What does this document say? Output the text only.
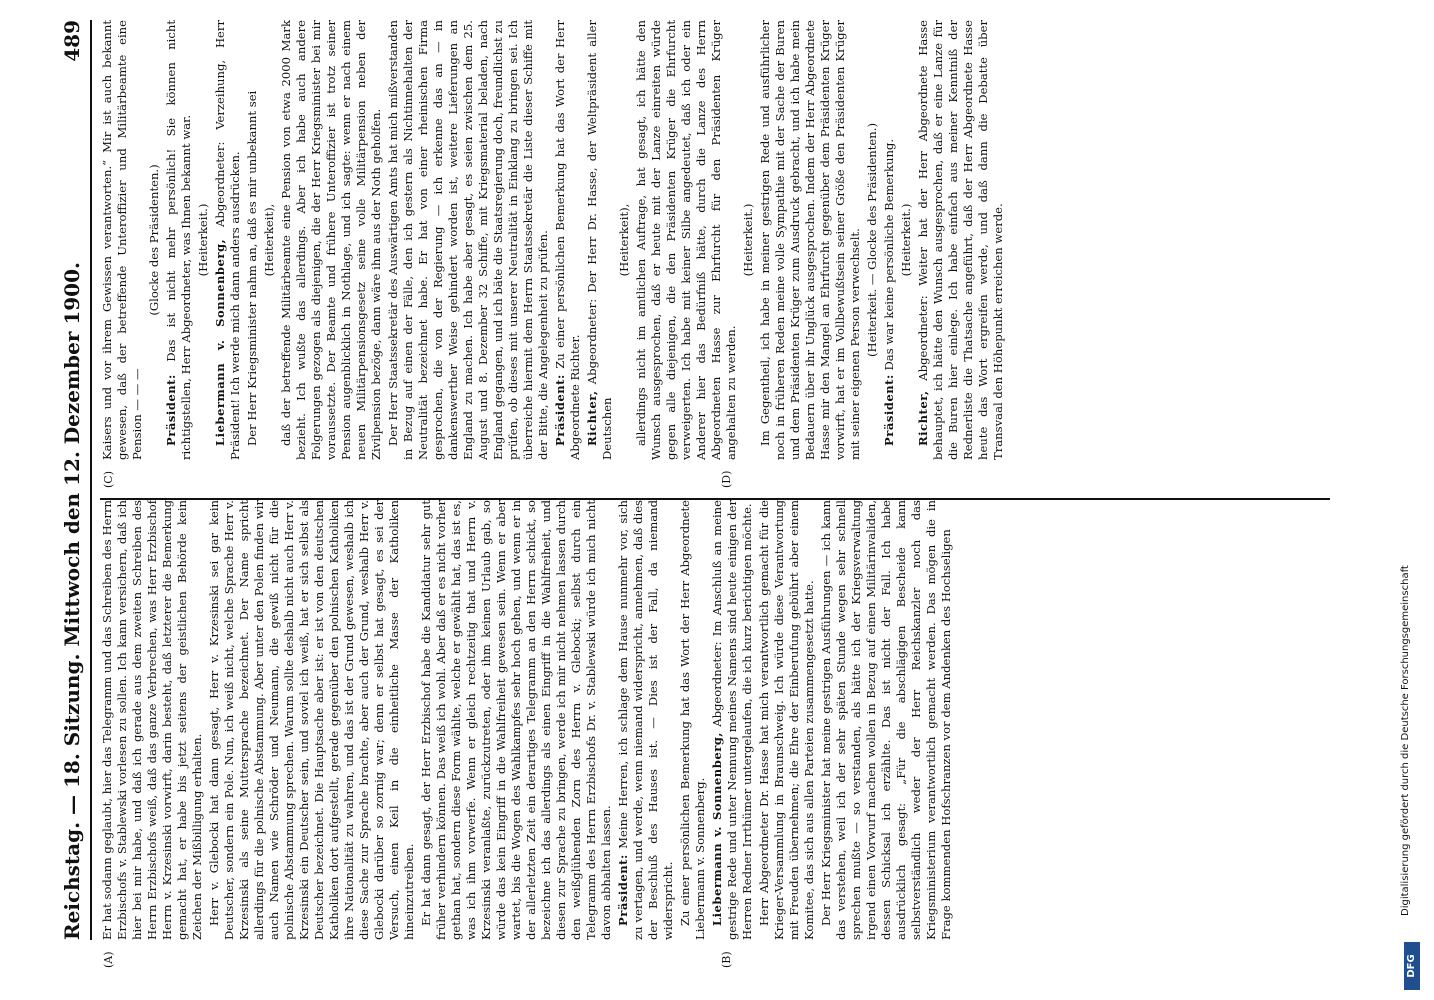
Reichstag. — 18. Sitzung. Mittwoch den 12. Dezember 1900.
489
(A)	(B)
(C)	(D)

Er hat sodann geglaubt, hier das Telegramm und das Schreiben des Herrn Erzbischofs v. Stablewski vorlesen zu sollen. Ich kann versichern, daß ich hier bei mir habe, und daß ich gerade aus dem zweiten Schreiben des Herrn Erzbischofs weiß, daß das ganze Verbrechen, was Herr Erzbischof Herrn v. Krzesinski vorwirft, darin besteht, daß letzterer die Bemerkung gemacht hat, er habe bis jetzt seitens der geistlichen Behörde kein Zeichen der Mißbilligung erhalten. Herr v. Glebocki hat dann gesagt, Herr v. Krzesinski sei gar kein Deutscher, sondern ein Pole. Nun, ich weiß nicht, welche Sprache Herr v. Krzesinski als seine Muttersprache bezeichnet. Der Name spricht allerdings für die polnische Abstammung. Aber unter den Polen finden wir auch Namen wie Schröder und Neumann, die gewiß nicht für die polnische Abstammung sprechen. Warum sollte deshalb nicht auch Herr v. Krzesinski ein Deutscher sein, und soviel ich weiß, hat er sich selbst als Deutscher bezeichnet. Die Hauptsache aber ist: er ist von den deutschen Katholiken dort aufgestellt, gerade gegenüber den polnischen Katholiken ihre Nationalität zu wahren, und das ist der Grund gewesen, weshalb ich diese Sache zur Sprache brachte, aber auch der Grund, weshalb Herr v. Glebocki darüber so zornig war; denn er selbst hat gesagt, es sei der Versuch, einen Keil in die einheitliche Masse der Katholiken hineinzutreiben. Er hat dann gesagt, der Herr Erzbischof habe die Kandidatur sehr gut früher verhindern können. Das weiß ich wohl. Aber daß er es nicht vorher gethan hat, sondern diese Form wählte, welche er gewählt hat, das ist es, was ich ihm vorwerfe. Wenn er gleich rechtzeitig that und Herrn v. Krzesinski veranlaßte, zurückzutreten, oder ihm keinen Urlaub gab, so würde das kein Eingriff in die Wahlfreiheit gewesen sein. Wenn er aber wartet, bis die Wogen des Wahlkampfes sehr hoch gehen, und wenn er in der allerletzten Zeit ein derartiges Telegramm an den Herrn schickt, so bezeichne ich das allerdings als einen Eingriff in die Wahlfreiheit, und diesen zur Sprache zu bringen, werde ich mir nicht nehmen lassen durch den weißglühenden Zorn des Herrn v. Glebocki; selbst durch ein Telegramm des Herrn Erzbischofs Dr. v. Stablewski würde ich mich nicht davon abhalten lassen. Präsident: Meine Herren, ich schlage dem Hause nunmehr vor, sich zu vertagen, und werde, wenn niemand widerspricht, annehmen, daß dies der Beschluß des Hauses ist. — Dies ist der Fall, da niemand widerspricht. Zu einer persönlichen Bemerkung hat das Wort der Herr Abgeordnete Liebermann v. Sonnenberg. Liebermann v. Sonnenberg, Abgeordneter: Im Anschluß an meine gestrige Rede und unter Nennung meines Namens sind heute einigen der Herren Redner Irrthümer untergelaufen, die ich kurz berichtigen möchte. Herr Abgeordneter Dr. Hasse hat mich verantwortlich gemacht für die Krieger-Versammlung in Braunschweig. Ich würde diese Verantwortung mit Freuden übernehmen; die Ehre der Einberufung gebührt aber einem Komitee, das sich aus allen Parteien zusammengesetzt hatte. Der Herr Kriegsminister hat meine gestrigen Ausführungen — ich kann das verstehen, weil ich der sehr späten Stunde wegen sehr schnell sprechen mußte — so verstanden, als hätte ich der Kriegsverwaltung irgend einen Vorwurf machen wollen in Bezug auf einen Militärinvaliden, dessen Schicksal ich erzählte. Das ist nicht der Fall. Ich habe ausdrücklich gesagt: „Für die abschlägigen Bescheide kann selbstverständlich weder der Herr Reichskanzler noch das Kriegsministerium verantwortlich gemacht werden. Das mögen die in Frage kommenden Hofschranzen vor dem Andenken des Hochseligen

Kaisers und vor ihrem Gewissen verantworten.“ Mir ist auch bekannt gewesen, daß der betreffende Unteroffizier und Militärbeamte eine Pension — — —

(Glocke des Präsidenten.)

Präsident: Das ist nicht mehr persönlich! Sie können nicht richtigstellen, Herr Abgeordneter, was Ihnen bekannt war. (Heiterkeit.) Liebermann v. Sonnenberg, Abgeordneter: Verzeihung, Herr Präsident! Ich werde mich dann anders ausdrücken. Der Herr Kriegsminister nahm an, daß es mir unbekannt sei (Heiterkeit), daß der betreffende Militärbeamte eine Pension von etwa 2000 Mark bezieht. Ich wußte das allerdings. Aber ich habe auch andere Folgerungen gezogen als diejenigen, die der Herr Kriegsminister bei mir voraussetzte. Der Beamte und frühere Unteroffizier ist trotz seiner Pension augenblicklich in Nothlage, und ich sagte: wenn er nach einem neuen Militärpensionsgesetz seine volle Militärpension neben der Zivilpension bezöge, dann wäre ihm aus der Noth geholfen. Der Herr Staatssekretär des Auswärtigen Amts hat mich mißverstanden in Bezug auf einen der Fälle, den ich gestern als Nichtinnehalten der Neutralität bezeichnet habe. Er hat von einer rheinischen Firma gesprochen, die von der Regierung — ich erkenne das an — in dankenswerther Weise gehindert worden ist, weitere Lieferungen an England zu machen. Ich habe aber gesagt, es seien zwischen dem 25. August und 8. Dezember 32 Schiffe, mit Kriegsmaterial beladen, nach England gegangen, und ich bäte die Staatsregierung doch, freundlichst zu prüfen, ob dieses mit unserer Neutralität in Einklang zu bringen sei. Ich überreiche hiermit dem Herrn Staatssekretär die Liste dieser Schiffe mit der Bitte, die Angelegenheit zu prüfen. Präsident: Zu einer persönlichen Bemerkung hat das Wort der Herr Abgeordnete Richter. Richter, Abgeordneter: Der Herr Dr. Hasse, der Weltpräsident aller Deutschen

(Heiterkeit), allerdings nicht im amtlichen Auftrage, hat gesagt, ich hätte den Wunsch ausgesprochen, daß er heute mit der Lanze einreiten würde gegen alle diejenigen, die den Präsidenten Krüger die Ehrfurcht verweigerten. Ich habe mit keiner Silbe angedeutet, daß ich oder ein Anderer hier das Bedürfniß hätte, durch die Lanze des Herrn Abgeordneten Hasse zur Ehrfurcht für den Präsidenten Krüger angehalten zu werden.

(Heiterkeit.) Im Gegentheil, ich habe in meiner gestrigen Rede und ausführlicher noch in früheren Reden meine volle Sympathie mit der Sache der Buren und dem Präsidenten Krüger zum Ausdruck gebracht, und ich habe mein Bedauern über ihr Unglück ausgesprochen. Indem der Herr Abgeordnete Hasse mir den Mangel an Ehrfurcht gegenüber dem Präsidenten Krüger vorwirft, hat er im Vollbewußtsein seiner Größe den Präsidenten Krüger mit seiner eigenen Person verwechselt. (Heiterkeit. — Glocke des Präsidenten.)

Präsident: Das war keine persönliche Bemerkung. (Heiterkeit.)

Richter, Abgeordneter: Weiter hat der Herr Abgeordnete Hasse behauptet, ich hätte den Wunsch ausgesprochen, daß er eine Lanze für die Buren hier einlege. Ich habe einfach aus meiner Kenntniß der Rednerliste die Thatsache angeführt, daß der Herr Abgeordnete Hasse heute das Wort ergreifen werde, und daß dann die Debatte über Transvaal den Höhepunkt erreichen werde.

DFG
Digitalisierung gefördert durch die Deutsche Forschungsgemeinschaft
